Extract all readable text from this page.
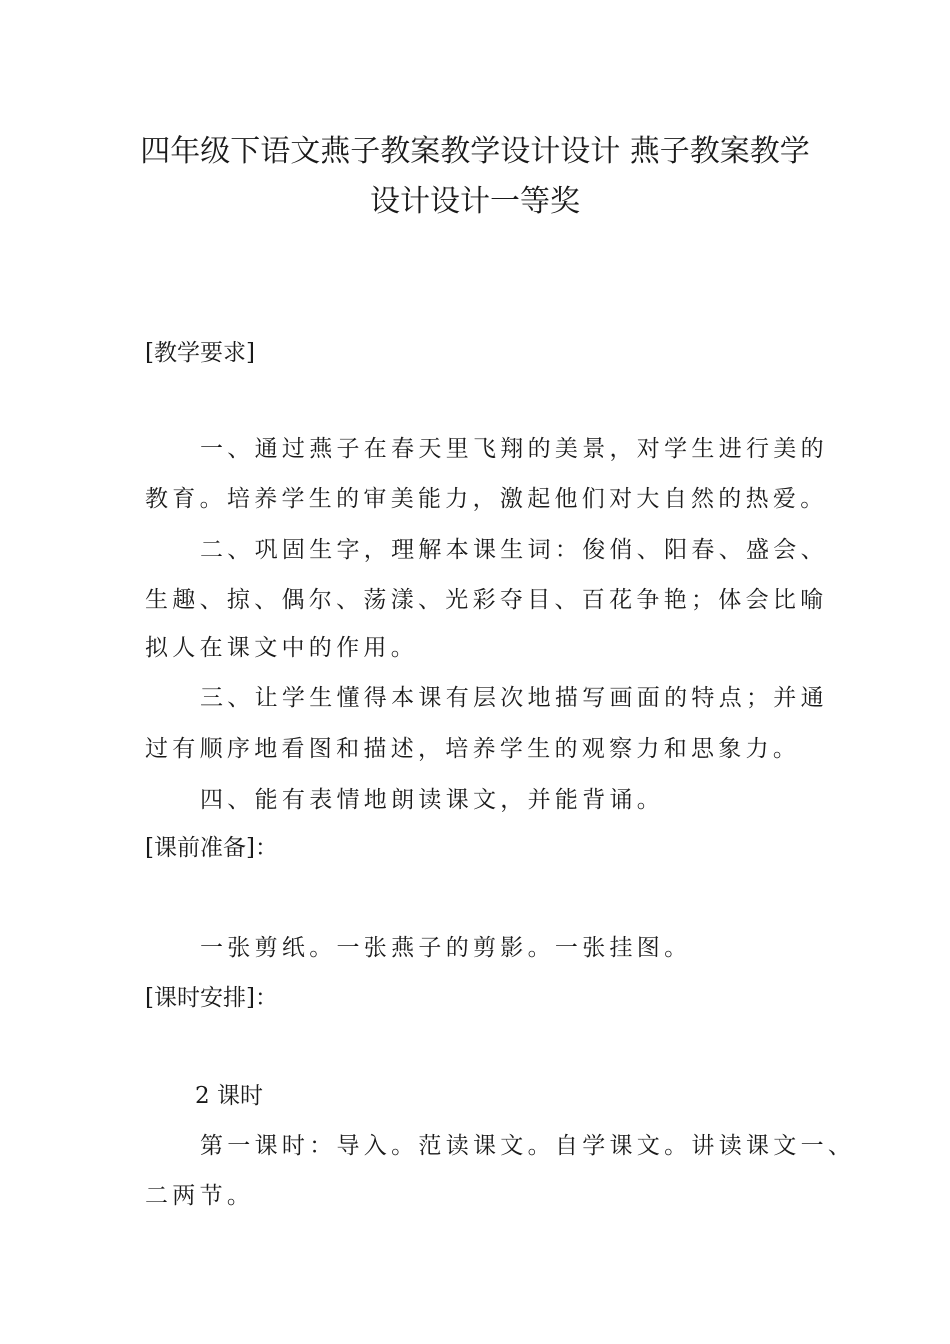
四年级下语文燕子教案教学设计设计 燕子教案教学
设计设计一等奖
[教学要求]
一、通过燕子在春天里飞翔的美景，对学生进行美的
教育。培养学生的审美能力，激起他们对大自然的热爱。
二、巩固生字，理解本课生词：俊俏、阳春、盛会、
生趣、掠、偶尔、荡漾、光彩夺目、百花争艳；体会比喻
拟人在课文中的作用。
三、让学生懂得本课有层次地描写画面的特点；并通
过有顺序地看图和描述，培养学生的观察力和思象力。
四、能有表情地朗读课文，并能背诵。
[课前准备]：
一张剪纸。一张燕子的剪影。一张挂图。
[课时安排]：
2 课时
第一课时：导入。范读课文。自学课文。讲读课文一、
二两节。
